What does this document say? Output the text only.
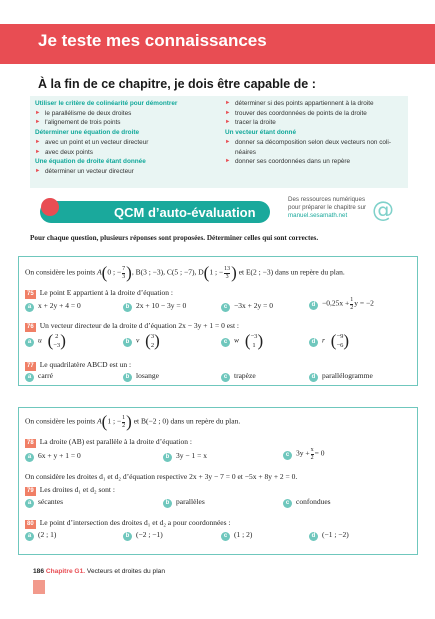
Je teste mes connaissances
À la fin de ce chapitre, je dois être capable de :
Utiliser le critère de colinéarité pour démontrer
► le parallélisme de deux droites
► l'alignement de trois points
Déterminer une équation de droite
► avec un point et un vecteur directeur
► avec deux points
Une équation de droite étant donnée
► déterminer un vecteur directeur
► déterminer si des points appartiennent à la droite
► trouver des coordonnées de points de la droite
► tracer la droite
Un vecteur étant donné
► donner sa décomposition selon deux vecteurs non coli-
néaires
► donner ses coordonnées dans un repère
QCM d’auto-évaluation
Des ressources numériques
pour préparer le chapitre sur
manuel.sesamath.net	@
Pour chaque question, plusieurs réponses sont proposées. Déterminer celles qui sont correctes.
On considère les points A(0 ; − $\frac{7}{3}$ ), B(3 ; −3), C(5 ; −7), D(1 ; − $\frac{13}{3}$ ) et E(2 ; −3) dans un repère du plan.
75 Le point E appartient à la droite d’équation :
a x + 2y + 4 = 0	b 2x + 10 − 3y = 0	c −3x + 2y = 0	$d -0,25x + \frac{1}{2}$ y = −2
76 Un vecteur directeur de la droite d d’équation 2x − 3y + 1 = 0 est :
a u⃗( 2
−3 )	b v⃗( 3
2 )	c w⃗( −3
1 )	d r⃗( −9
−6 )
77 Le quadrilatère ABCD est un :
a carré	b losange	c trapèze	d parallélogramme
On considère les points A(1 ; − $\frac{1}{2}$ ) et B(−2 ; 0) dans un repère du plan.
78 La droite (AB) est parallèle à la droite d’équation :
a 6x + y + 1 = 0	b 3y − 1 = x	c $3y + \frac{x}{2} = 0$
On considère les droites d₁ et d₂ d’équation respective 2x + 3y − 7 = 0 et −5x + 8y + 2 = 0.
79 Les droites d₁ et d₂ sont :
a sécantes	b parallèles	c confondues
80 Le point d’intersection des droites d₁ et d₂ a pour coordonnées :
a (2 ; 1)	b (−2 ; −1)	c (1 ; 2)	d (−1 ; −2)
186 Chapitre G1. Vecteurs et droites du plan
